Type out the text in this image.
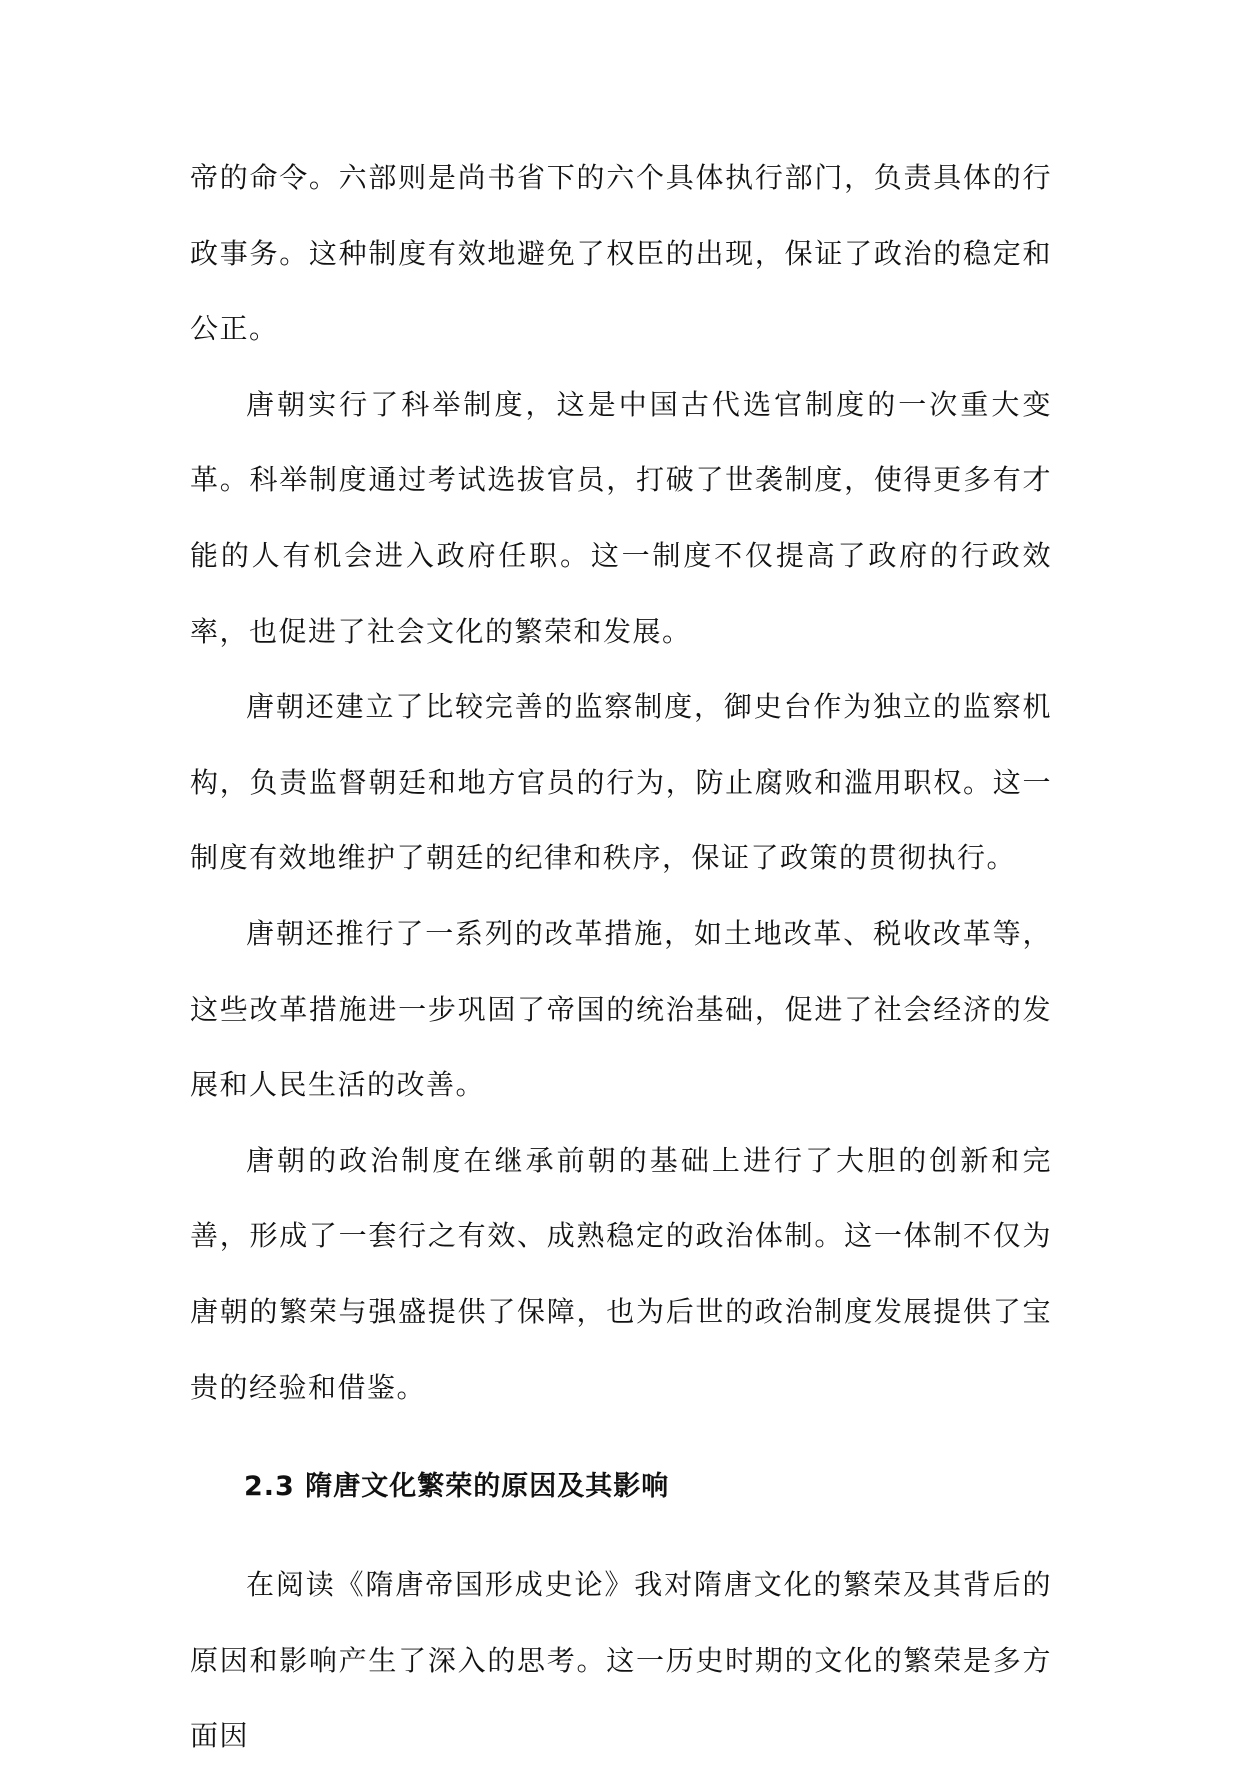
帝的命令。六部则是尚书省下的六个具体执行部门，负责具体的行政事务。这种制度有效地避免了权臣的出现，保证了政治的稳定和公正。

唐朝实行了科举制度，这是中国古代选官制度的一次重大变革。科举制度通过考试选拔官员，打破了世袭制度，使得更多有才能的人有机会进入政府任职。这一制度不仅提高了政府的行政效率，也促进了社会文化的繁荣和发展。

唐朝还建立了比较完善的监察制度，御史台作为独立的监察机构，负责监督朝廷和地方官员的行为，防止腐败和滥用职权。这一制度有效地维护了朝廷的纪律和秩序，保证了政策的贯彻执行。

唐朝还推行了一系列的改革措施，如土地改革、税收改革等，这些改革措施进一步巩固了帝国的统治基础，促进了社会经济的发展和人民生活的改善。

唐朝的政治制度在继承前朝的基础上进行了大胆的创新和完善，形成了一套行之有效、成熟稳定的政治体制。这一体制不仅为唐朝的繁荣与强盛提供了保障，也为后世的政治制度发展提供了宝贵的经验和借鉴。

2.3 隋唐文化繁荣的原因及其影响

在阅读《隋唐帝国形成史论》我对隋唐文化的繁荣及其背后的原因和影响产生了深入的思考。这一历史时期的文化的繁荣是多方面因
